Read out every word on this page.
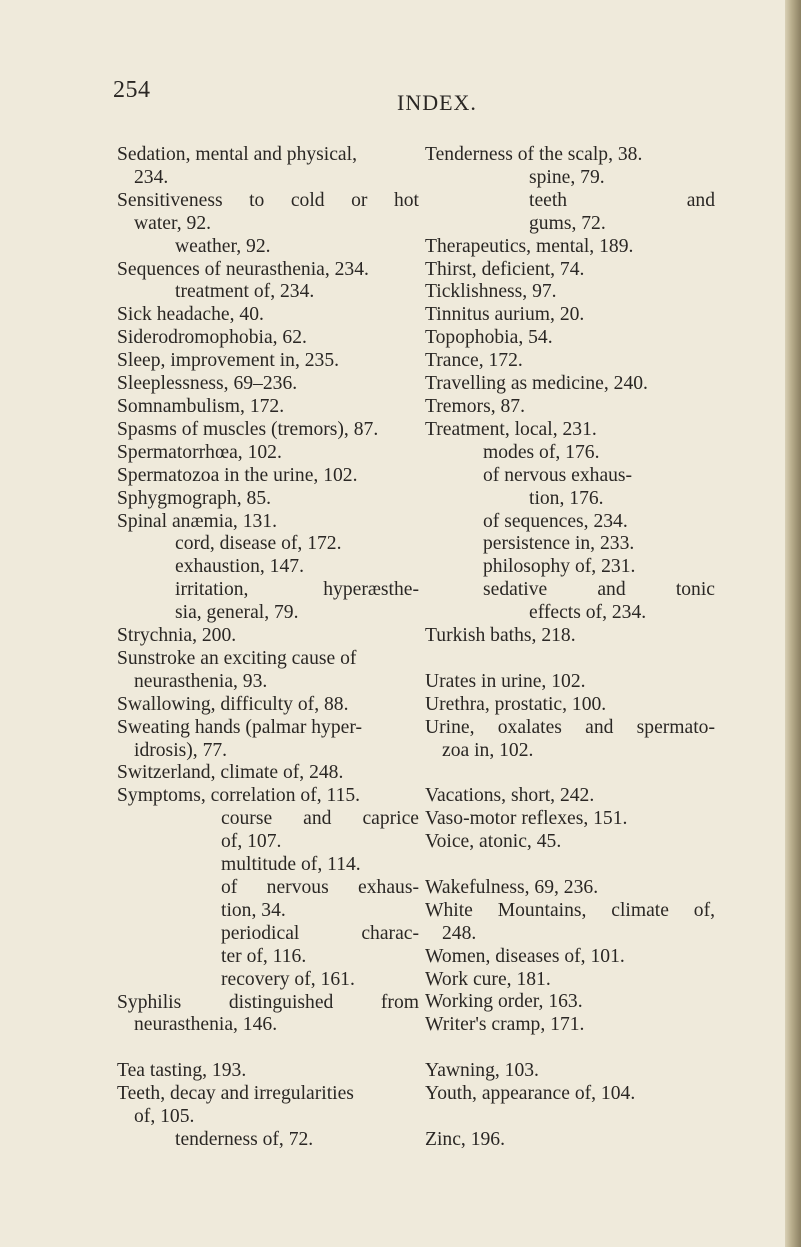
254	INDEX.
Sedation, mental and physical,
234.
Sensitiveness to cold or hot
water, 92.
weather, 92.
Sequences of neurasthenia, 234.
treatment of, 234.
Sick headache, 40.
Siderodromophobia, 62.
Sleep, improvement in, 235.
Sleeplessness, 69–236.
Somnambulism, 172.
Spasms of muscles (tremors), 87.
Spermatorrhœa, 102.
Spermatozoa in the urine, 102.
Sphygmograph, 85.
Spinal anæmia, 131.
cord, disease of, 172.
exhaustion, 147.
irritation, hyperæsthe-
sia, general, 79.
Strychnia, 200.
Sunstroke an exciting cause of
neurasthenia, 93.
Swallowing, difficulty of, 88.
Sweating hands (palmar hyper-
idrosis), 77.
Switzerland, climate of, 248.
Symptoms, correlation of, 115.
course and caprice
of, 107.
multitude of, 114.
of nervous exhaus-
tion, 34.
periodical charac-
ter of, 116.
recovery of, 161.
Syphilis distinguished from
neurasthenia, 146.
Tea tasting, 193.
Teeth, decay and irregularities
of, 105.
tenderness of, 72.
Tenderness of the scalp, 38.
spine, 79.
teeth and
gums, 72.
Therapeutics, mental, 189.
Thirst, deficient, 74.
Ticklishness, 97.
Tinnitus aurium, 20.
Topophobia, 54.
Trance, 172.
Travelling as medicine, 240.
Tremors, 87.
Treatment, local, 231.
modes of, 176.
of nervous exhaus-
tion, 176.
of sequences, 234.
persistence in, 233.
philosophy of, 231.
sedative and tonic
effects of, 234.
Turkish baths, 218.
Urates in urine, 102.
Urethra, prostatic, 100.
Urine, oxalates and spermato-
zoa in, 102.
Vacations, short, 242.
Vaso-motor reflexes, 151.
Voice, atonic, 45.
Wakefulness, 69, 236.
White Mountains, climate of,
248.
Women, diseases of, 101.
Work cure, 181.
Working order, 163.
Writer's cramp, 171.
Yawning, 103.
Youth, appearance of, 104.
Zinc, 196.
